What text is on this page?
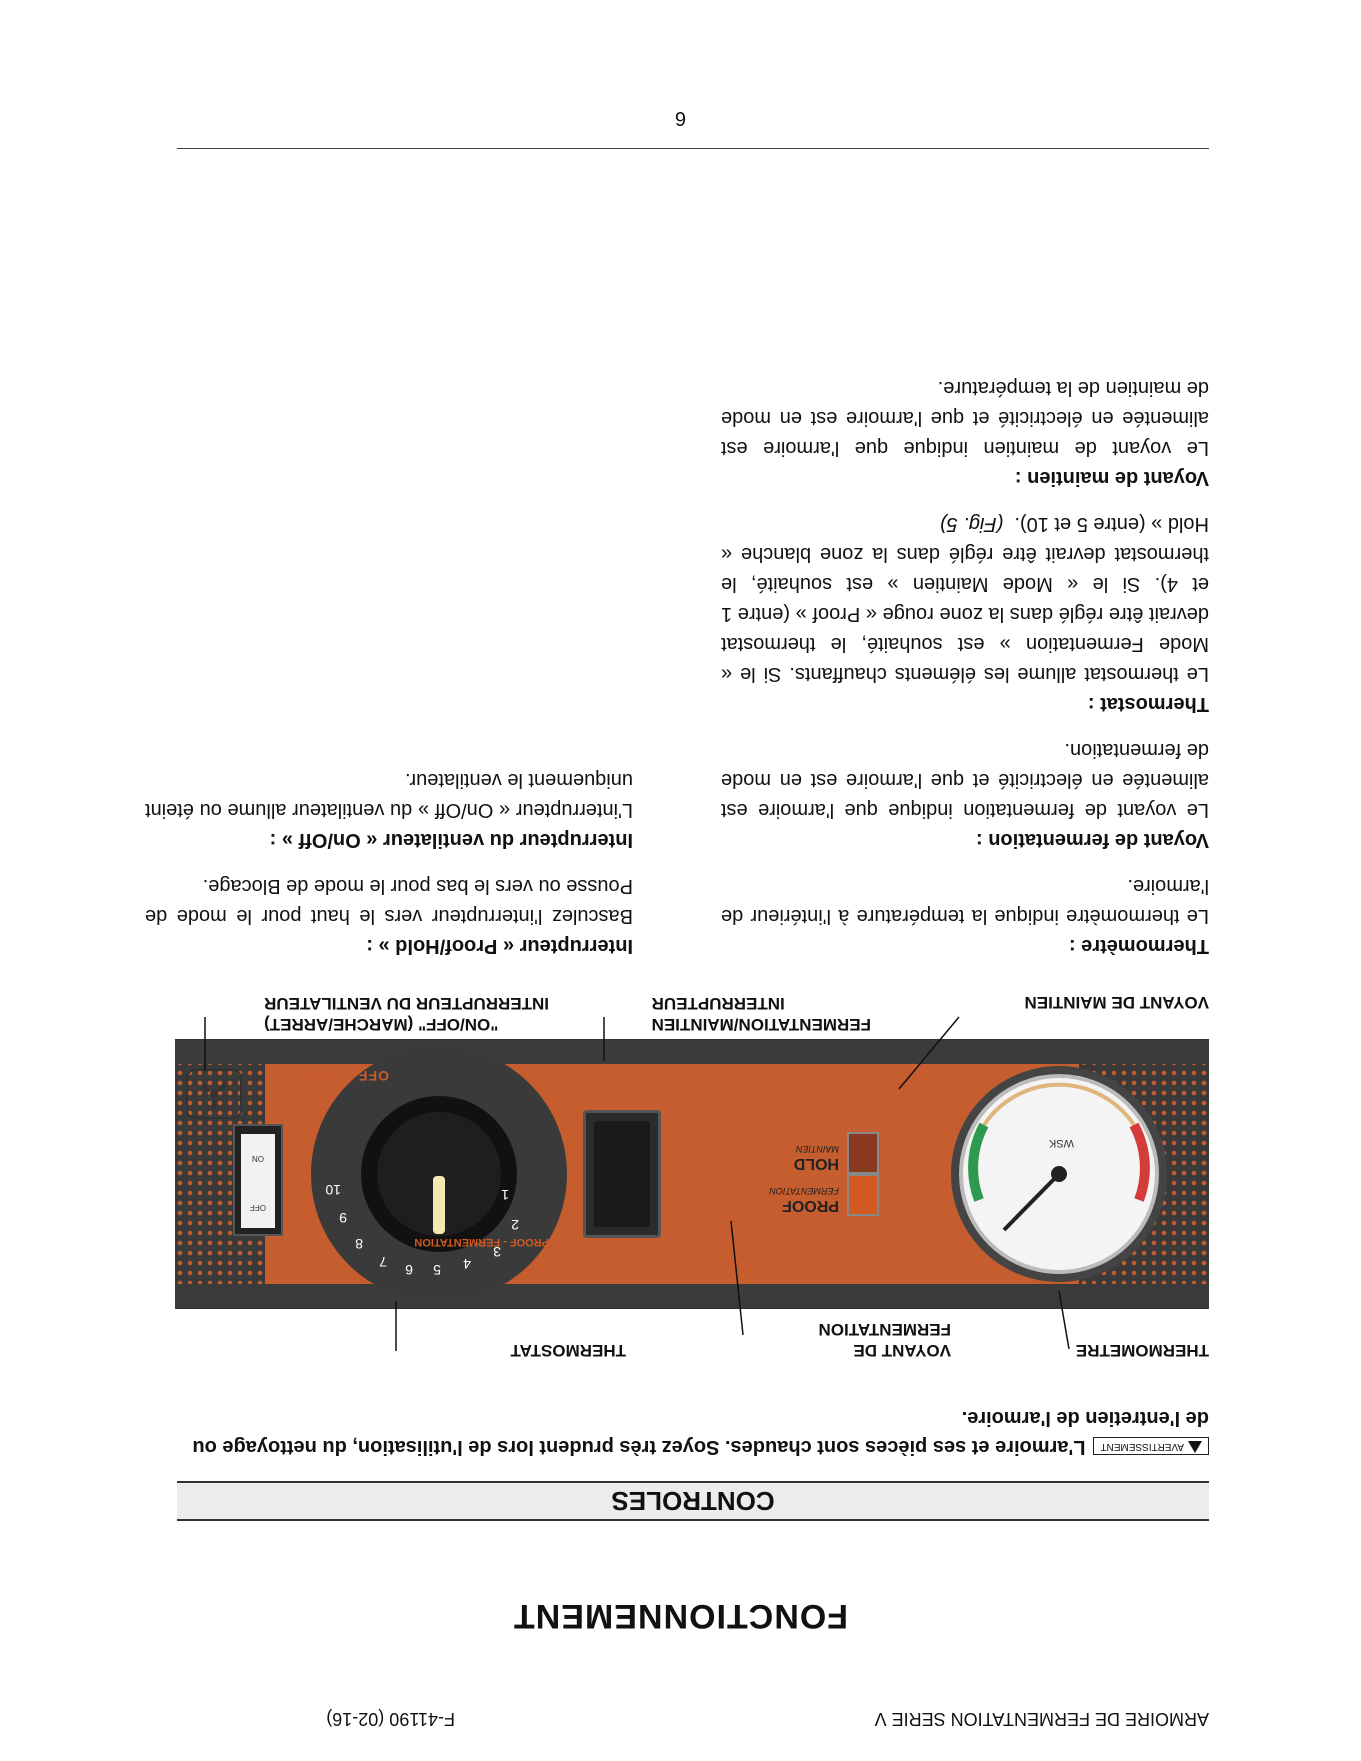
ARMOIRE DE FERMENTATION SERIE V
F-41190 (02-16)
FONCTIONNEMENT
CONTROLES
AVERTISSEMENTL'armoire et ses pièces sont chaudes. Soyez très prudent lors de l'utilisation, du nettoyage ou de l'entretien de l'armoire.
THERMOMETRE
VOYANT DE
FERMENTATION
THERMOSTAT
WSK
PROOF
FERMENTATION
HOLD
MAINTIEN
OFF ARRET
PROOF - FERMENTATION
1
2
3
4
5
6
7
8
9
10
OFF
ON
VOYANT DE MAINTIEN
FERMENTATION/MAINTIEN
INTERRUPTEUR
"ON/OFF" (MARCHE/ARRET)
INTERRUPTEUR DU VENTILATEUR

Thermomètre :

Le thermomètre indique la température à l'intérieur de l'armoire.

Voyant de fermentation :

Le voyant de fermentation indique que l'armoire est alimentée en électricité et que l'armoire est en mode de fermentation.

Thermostat :

Le thermostat allume les éléments chauffants. Si le « Mode Fermentation » est souhaité, le thermostat devrait être réglé dans la zone rouge « Proof » (entre 1 et 4). Si le « Mode Maintien » est souhaité, le thermostat devrait être réglé dans la zone blanche « Hold » (entre 5 et 10).  (Fig. 5)

Voyant de maintien :

Le voyant de maintien indique que l'armoire est alimentée en électricité et que l'armoire est en mode de maintien de la température.

Interrupteur « Proof/Hold » :

Basculez l'interrupteur vers le haut pour le mode de Pousse ou vers le bas pour le mode de Blocage.

Interrupteur du ventilateur « On/Off » :

L'interrupteur « On/Off » du ventilateur allume ou éteint uniquement le ventilateur.

6
